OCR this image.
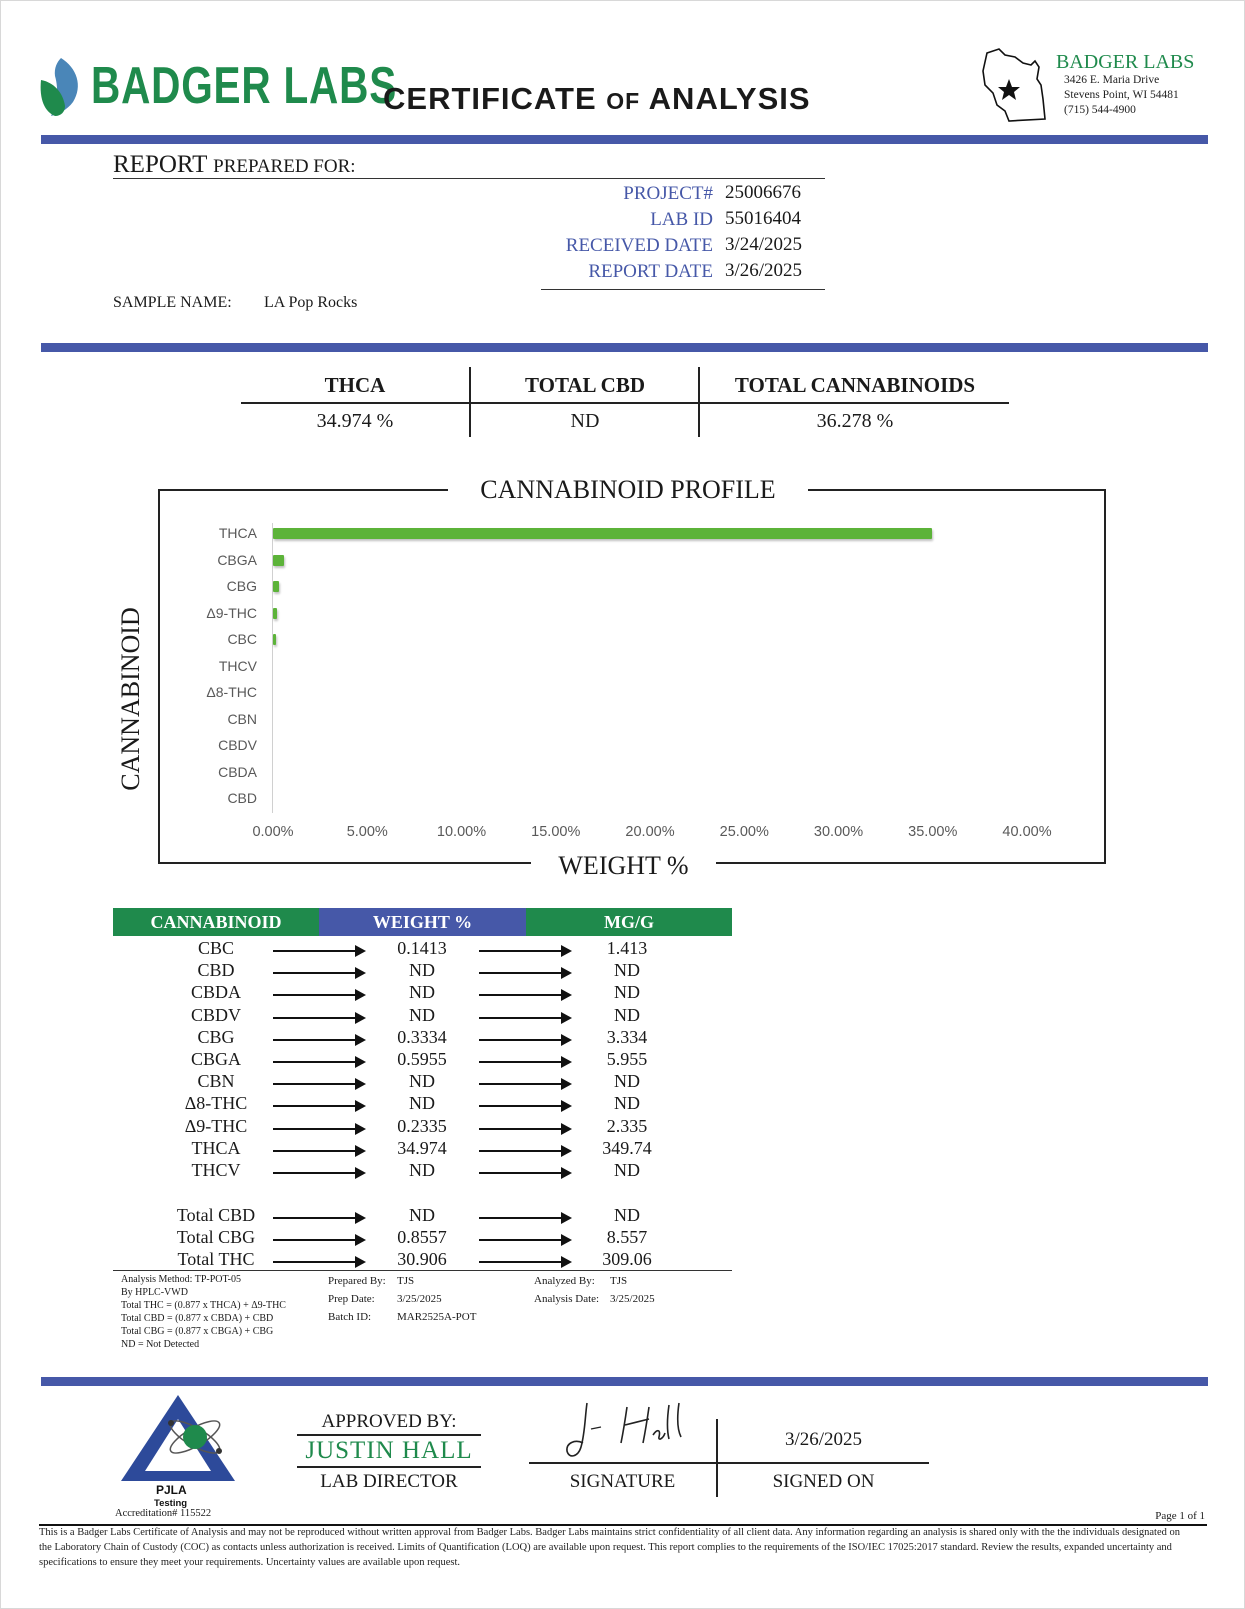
BADGER LABS
CERTIFICATE OF ANALYSIS
BADGER LABS
3426 E. Maria Drive
Stevens Point, WI 54481
(715) 544-4900
REPORT PREPARED FOR:
PROJECT# 25006676
LAB ID 55016404
RECEIVED DATE 3/24/2025
REPORT DATE 3/26/2025
SAMPLE NAME: LA Pop Rocks
THCA	TOTAL CBD	TOTAL CANNABINOIDS
34.974 %	ND	36.278 %
CANNABINOID PROFILE
CANNABINOID
WEIGHT %
THCA
CBGA
CBG
Δ9-THC
CBC
THCV
Δ8-THC
CBN
CBDV
CBDA
CBD
0.00%	5.00%	10.00%	15.00%	20.00%	25.00%	30.00%	35.00%	40.00%
CANNABINOID	WEIGHT %	MG/G
CBC	0.1413	1.413
CBD	ND	ND
CBDA	ND	ND
CBDV	ND	ND
CBG	0.3334	3.334
CBGA	0.5955	5.955
CBN	ND	ND
Δ8-THC	ND	ND
Δ9-THC	0.2335	2.335
THCA	34.974	349.74
THCV	ND	ND
Total CBD	ND	ND
Total CBG	0.8557	8.557
Total THC	30.906	309.06
Analysis Method: TP-POT-05
By HPLC-VWD
Total THC = (0.877 x THCA) + Δ9-THC
Total CBD = (0.877 x CBDA) + CBD
Total CBG = (0.877 x CBGA) + CBG
ND = Not Detected
Prepared By: TJS
Prep Date: 3/25/2025
Batch ID: MAR2525A-POT
Analyzed By: TJS
Analysis Date: 3/25/2025
PJLA
Testing
Accreditation# 115522
APPROVED BY:
JUSTIN HALL
LAB DIRECTOR	SIGNATURE
3/26/2025
SIGNED ON
Page 1 of 1
This is a Badger Labs Certificate of Analysis and may not be reproduced without written approval from Badger Labs. Badger Labs maintains strict confidentiality of all client data. Any information regarding an analysis is shared only with the the individuals designated on the Laboratory Chain of Custody (COC) as contacts unless authorization is received. Limits of Quantification (LOQ) are available upon request. This report complies to the requirements of the ISO/IEC 17025:2017 standard. Review the results, expanded uncertainty and specifications to ensure they meet your requirements. Uncertainty values are available upon request.
